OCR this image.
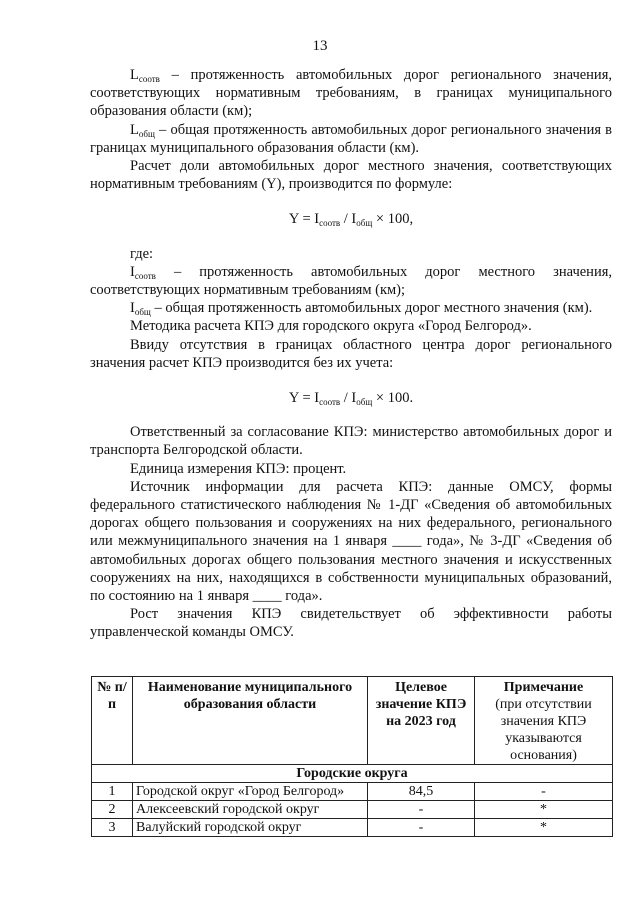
13

$L_{соотв}$ – протяженность автомобильных дорог регионального значения, соответствующих нормативным требованиям, в границах муниципального образования области (км);

$L_{общ}$ – общая протяженность автомобильных дорог регионального значения в границах муниципального образования области (км).

Расчет доли автомобильных дорог местного значения, соответствующих нормативным требованиям (Y), производится по формуле:

$Y = I_{соотв} / I_{общ} \times 100$,

где:

$I_{соотв}$ – протяженность автомобильных дорог местного значения, соответствующих нормативным требованиям (км);

$I_{общ}$ – общая протяженность автомобильных дорог местного значения (км).

Методика расчета КПЭ для городского округа «Город Белгород».

Ввиду отсутствия в границах областного центра дорог регионального значения расчет КПЭ производится без их учета:

$Y = I_{соотв} / I_{общ} \times 100$.

Ответственный за согласование КПЭ: министерство автомобильных дорог и транспорта Белгородской области.

Единица измерения КПЭ: процент.

Источник информации для расчета КПЭ: данные ОМСУ, формы федерального статистического наблюдения № 1-ДГ «Сведения об автомобильных дорогах общего пользования и сооружениях на них федерального, регионального или межмуниципального значения на 1 января ____ года», № 3-ДГ «Сведения об автомобильных дорогах общего пользования местного значения и искусственных сооружениях на них, находящихся в собственности муниципальных образований, по состоянию на 1 января ____ года».

Рост значения КПЭ свидетельствует об эффективности работы управленческой команды ОМСУ.

№ п/п	Наименование муниципального образования области	Целевое значение КПЭ на 2023 год	Примечание
(при отсутствии значения КПЭ указываются основания)

Городские округа			
1	Городской округ «Город Белгород»	84,5	-
2	Алексеевский городской округ	-	*
3	Валуйский городской округ	-	*
